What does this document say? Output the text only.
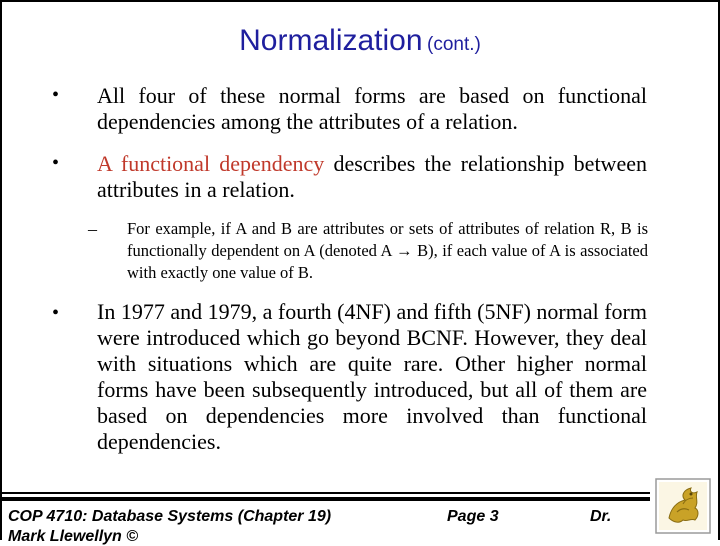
Normalization (cont.)
• All four of these normal forms are based on functional dependencies among the attributes of a relation.
• A functional dependency describes the relationship between attributes in a relation.
– For example, if A and B are attributes or sets of attributes of relation R, B is functionally dependent on A (denoted A → B), if each value of A is associated with exactly one value of B.
• In 1977 and 1979, a fourth (4NF) and fifth (5NF) normal form were introduced which go beyond BCNF. However, they deal with situations which are quite rare. Other higher normal forms have been subsequently introduced, but all of them are based on dependencies more involved than functional dependencies.
COP 4710: Database Systems (Chapter 19)	Page 3	Dr.
Mark Llewellyn ©
